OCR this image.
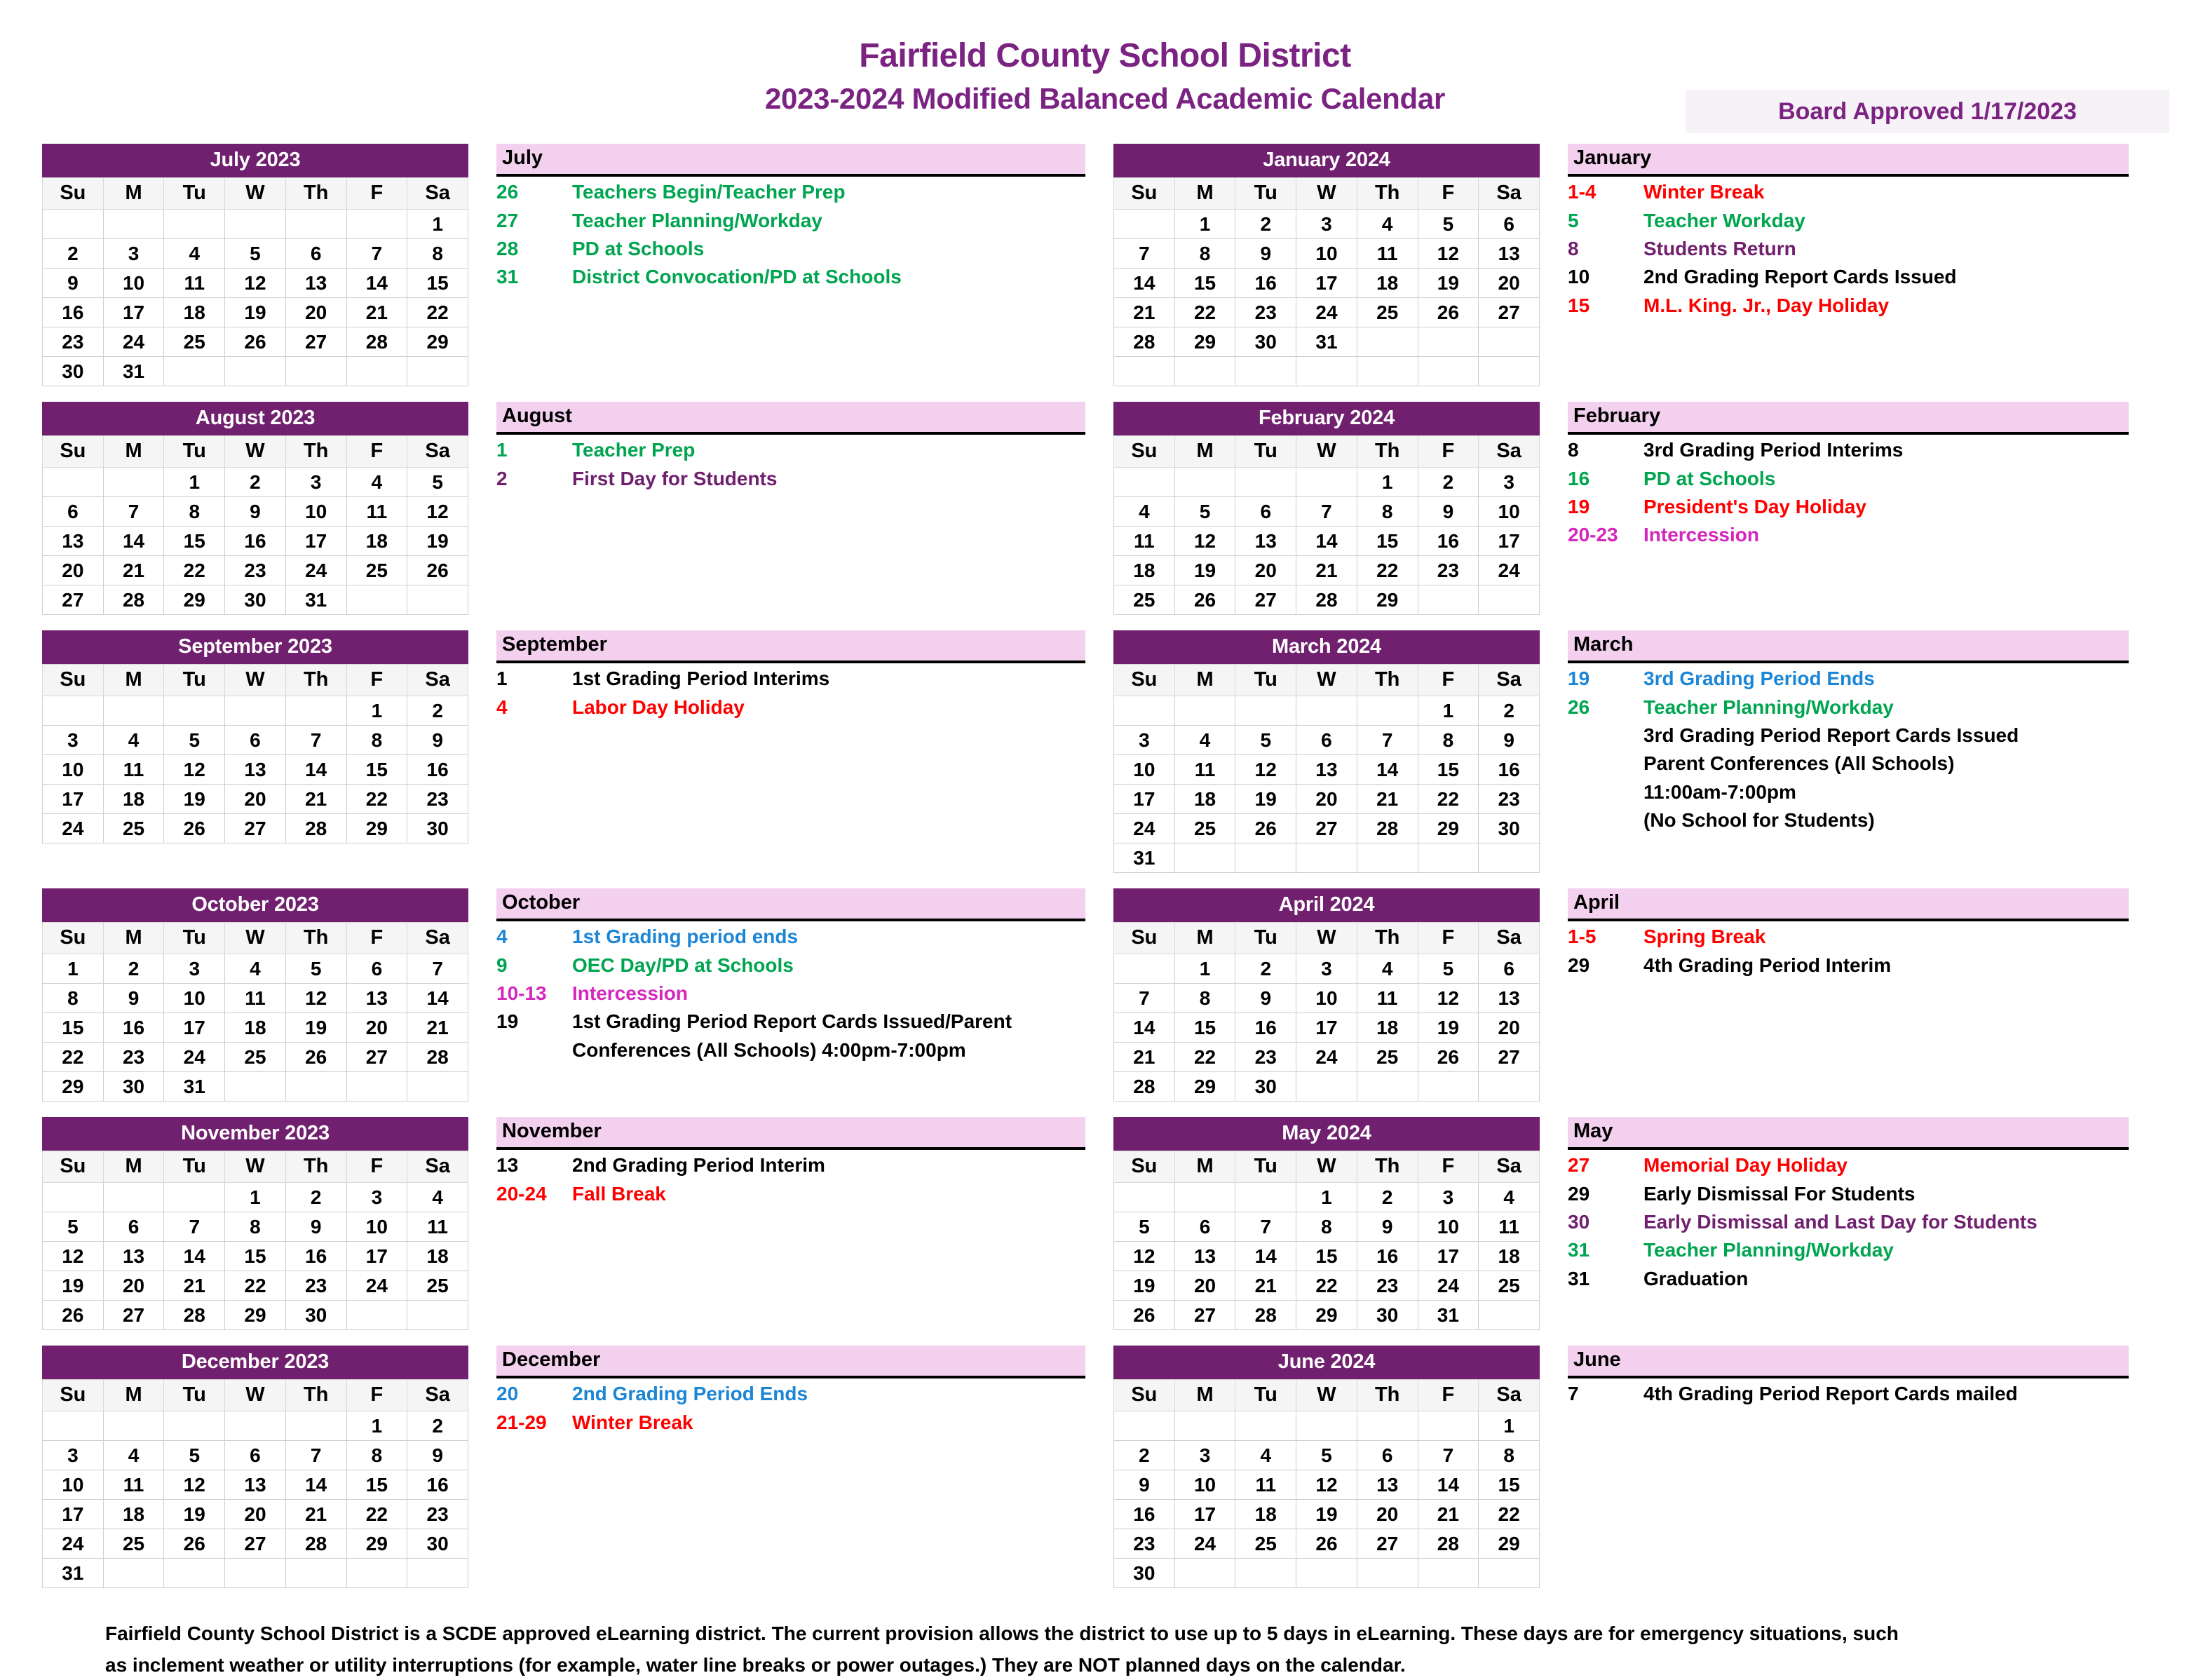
Fairfield County School District
2023-2024 Modified Balanced Academic Calendar	Board Approved 1/17/2023
July 2023
Su	M	Tu	W	Th	F	Sa
						1
2	3	4	5	6	7	8
9	10	11	12	13	14	15
16	17	18	19	20	21	22
23	24	25	26	27	28	29
30	31					
July
26	Teachers Begin/Teacher Prep
27	Teacher Planning/Workday
28	PD at Schools
31	District Convocation/PD at Schools
January 2024
Su	M	Tu	W	Th	F	Sa
	1	2	3	4	5	6
7	8	9	10	11	12	13
14	15	16	17	18	19	20
21	22	23	24	25	26	27
28	29	30	31			

January
1-4	Winter Break
5	Teacher Workday
8	Students Return
10	2nd Grading Report Cards Issued
15	M.L. King. Jr., Day Holiday
August 2023
Su	M	Tu	W	Th	F	Sa
		1	2	3	4	5
6	7	8	9	10	11	12
13	14	15	16	17	18	19
20	21	22	23	24	25	26
27	28	29	30	31		
August
1	Teacher Prep
2	First Day for Students
February 2024
Su	M	Tu	W	Th	F	Sa
				1	2	3
4	5	6	7	8	9	10
11	12	13	14	15	16	17
18	19	20	21	22	23	24
25	26	27	28	29		
February
8	3rd Grading Period Interims
16	PD at Schools
19	President's Day Holiday
20-23	Intercession
September 2023
Su	M	Tu	W	Th	F	Sa
					1	2
3	4	5	6	7	8	9
10	11	12	13	14	15	16
17	18	19	20	21	22	23
24	25	26	27	28	29	30
September
1	1st Grading Period Interims
4	Labor Day Holiday
March 2024
Su	M	Tu	W	Th	F	Sa
					1	2
3	4	5	6	7	8	9
10	11	12	13	14	15	16
17	18	19	20	21	22	23
24	25	26	27	28	29	30
31						
March
19	3rd Grading Period Ends
26	Teacher Planning/Workday
3rd Grading Period Report Cards Issued
Parent Conferences (All Schools)
11:00am-7:00pm
(No School for Students)
October 2023
Su	M	Tu	W	Th	F	Sa
1	2	3	4	5	6	7
8	9	10	11	12	13	14
15	16	17	18	19	20	21
22	23	24	25	26	27	28
29	30	31				
October
4	1st Grading period ends
9	OEC Day/PD at Schools
10-13	Intercession
19	1st Grading Period Report Cards Issued/Parent
Conferences (All Schools) 4:00pm-7:00pm
April 2024
Su	M	Tu	W	Th	F	Sa
	1	2	3	4	5	6
7	8	9	10	11	12	13
14	15	16	17	18	19	20
21	22	23	24	25	26	27
28	29	30				
April
1-5	Spring Break
29	4th Grading Period Interim
November 2023
Su	M	Tu	W	Th	F	Sa
			1	2	3	4
5	6	7	8	9	10	11
12	13	14	15	16	17	18
19	20	21	22	23	24	25
26	27	28	29	30		
November
13	2nd Grading Period Interim
20-24	Fall Break
May 2024
Su	M	Tu	W	Th	F	Sa
			1	2	3	4
5	6	7	8	9	10	11
12	13	14	15	16	17	18
19	20	21	22	23	24	25
26	27	28	29	30	31	
May
27	Memorial Day Holiday
29	Early Dismissal For Students
30	Early Dismissal and Last Day for Students
31	Teacher Planning/Workday
31	Graduation
December 2023
Su	M	Tu	W	Th	F	Sa
					1	2
3	4	5	6	7	8	9
10	11	12	13	14	15	16
17	18	19	20	21	22	23
24	25	26	27	28	29	30
31						
December
20	2nd Grading Period Ends
21-29	Winter Break
June 2024
Su	M	Tu	W	Th	F	Sa
						1
2	3	4	5	6	7	8
9	10	11	12	13	14	15
16	17	18	19	20	21	22
23	24	25	26	27	28	29
30						
June
7	4th Grading Period Report Cards mailed
Fairfield County School District is a SCDE approved eLearning district. The current provision allows the district to use up to 5 days in eLearning. These days are for emergency situations, such
as inclement weather or utility interruptions (for example, water line breaks or power outages.) They are NOT planned days on the calendar.
